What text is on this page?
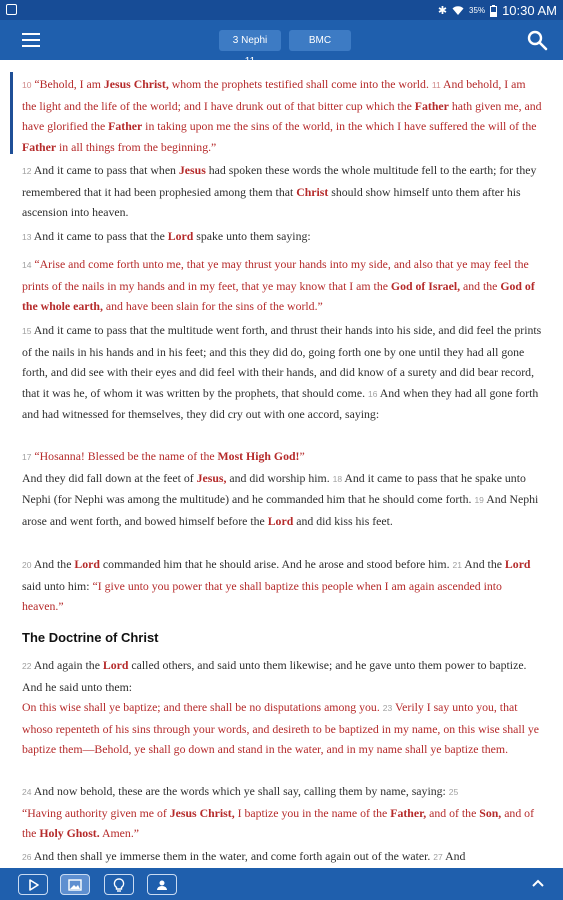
✱	35% 10:30 AM
3 Nephi 11
BMC

10 “Behold, I am Jesus Christ, whom the prophets testified shall come into the world. 11 And behold, I am the light and the life of the world; and I have drunk out of that bitter cup which the Father hath given me, and have glorified the Father in taking upon me the sins of the world, in the which I have suffered the will of the Father in all things from the beginning.”

12 And it came to pass that when Jesus had spoken these words the whole multitude fell to the earth; for they remembered that it had been prophesied among them that Christ should show himself unto them after his ascension into heaven.

13 And it came to pass that the Lord spake unto them saying:

14 “Arise and come forth unto me, that ye may thrust your hands into my side, and also that ye may feel the prints of the nails in my hands and in my feet, that ye may know that I am the God of Israel, and the God of the whole earth, and have been slain for the sins of the world.”

15 And it came to pass that the multitude went forth, and thrust their hands into his side, and did feel the prints of the nails in his hands and in his feet; and this they did do, going forth one by one until they had all gone forth, and did see with their eyes and did feel with their hands, and did know of a surety and did bear record, that it was he, of whom it was written by the prophets, that should come. 16 And when they had all gone forth and had witnessed for themselves, they did cry out with one accord, saying:

17 “Hosanna! Blessed be the name of the Most High God!”
And they did fall down at the feet of Jesus, and did worship him. 18 And it came to pass that he spake unto Nephi (for Nephi was among the multitude) and he commanded him that he should come forth. 19 And Nephi arose and went forth, and bowed himself before the Lord and did kiss his feet.

20 And the Lord commanded him that he should arise. And he arose and stood before him. 21 And the Lord said unto him: “I give unto you power that ye shall baptize this people when I am again ascended into heaven.”

The Doctrine of Christ

22 And again the Lord called others, and said unto them likewise; and he gave unto them power to baptize. And he said unto them:
On this wise shall ye baptize; and there shall be no disputations among you. 23 Verily I say unto you, that whoso repenteth of his sins through your words, and desireth to be baptized in my name, on this wise shall ye baptize them—Behold, ye shall go down and stand in the water, and in my name shall ye baptize them.

24 And now behold, these are the words which ye shall say, calling them by name, saying: 25
“Having authority given me of Jesus Christ, I baptize you in the name of the Father, and of the Son, and of the Holy Ghost. Amen.”

26 And then shall ye immerse them in the water, and come forth again out of the water. 27 And
